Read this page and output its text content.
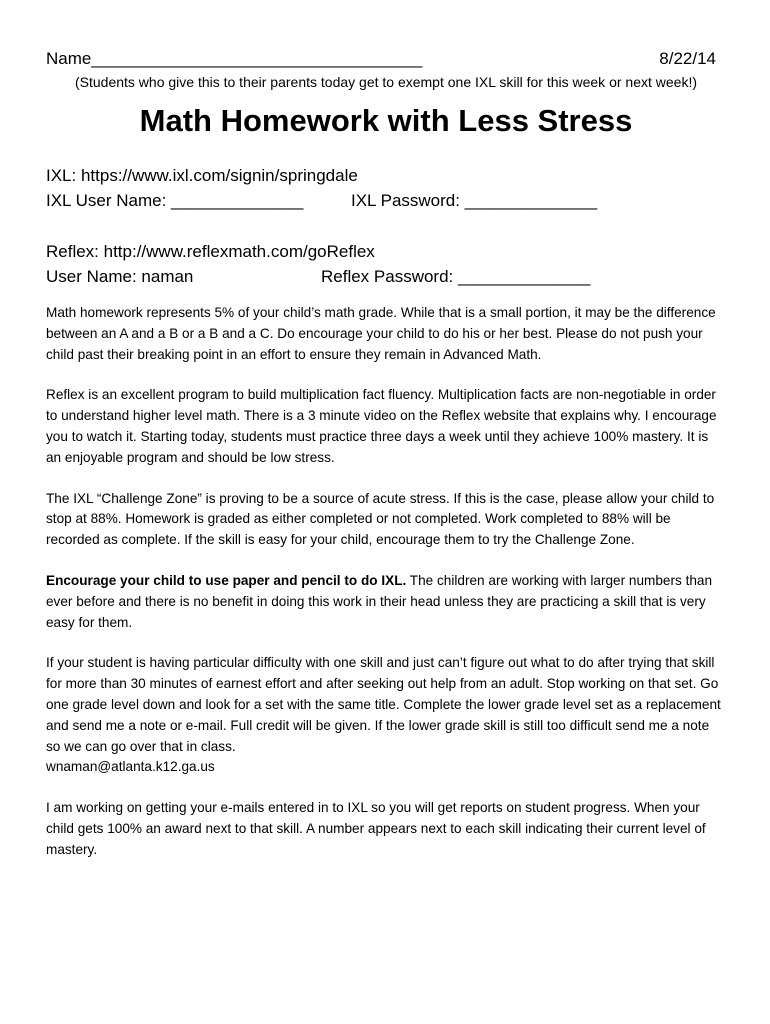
Name___________________________________	8/22/14
(Students who give this to their parents today get to exempt one IXL skill for this week or next week!)
Math Homework with Less Stress
IXL: https://www.ixl.com/signin/springdale
IXL User Name: ______________	IXL Password: ______________
Reflex: http://www.reflexmath.com/goReflex
User Name: naman	Reflex Password: ______________

Math homework represents 5% of your child’s math grade. While that is a small portion, it may be the difference between an A and a B or a B and a C. Do encourage your child to do his or her best. Please do not push your child past their breaking point in an effort to ensure they remain in Advanced Math.

Reflex is an excellent program to build multiplication fact fluency. Multiplication facts are non-negotiable in order to understand higher level math. There is a 3 minute video on the Reflex website that explains why. I encourage you to watch it. Starting today, students must practice three days a week until they achieve 100% mastery. It is an enjoyable program and should be low stress.

The IXL “Challenge Zone” is proving to be a source of acute stress. If this is the case, please allow your child to stop at 88%. Homework is graded as either completed or not completed. Work completed to 88% will be recorded as complete. If the skill is easy for your child, encourage them to try the Challenge Zone.

Encourage your child to use paper and pencil to do IXL. The children are working with larger numbers than ever before and there is no benefit in doing this work in their head unless they are practicing a skill that is very easy for them.

If your student is having particular difficulty with one skill and just can’t figure out what to do after trying that skill for more than 30 minutes of earnest effort and after seeking out help from an adult. Stop working on that set. Go one grade level down and look for a set with the same title. Complete the lower grade level set as a replacement and send me a note or e-mail. Full credit will be given. If the lower grade skill is still too difficult send me a note so we can go over that in class.
wnaman@atlanta.k12.ga.us

I am working on getting your e-mails entered in to IXL so you will get reports on student progress. When your child gets 100% an award next to that skill. A number appears next to each skill indicating their current level of mastery.
